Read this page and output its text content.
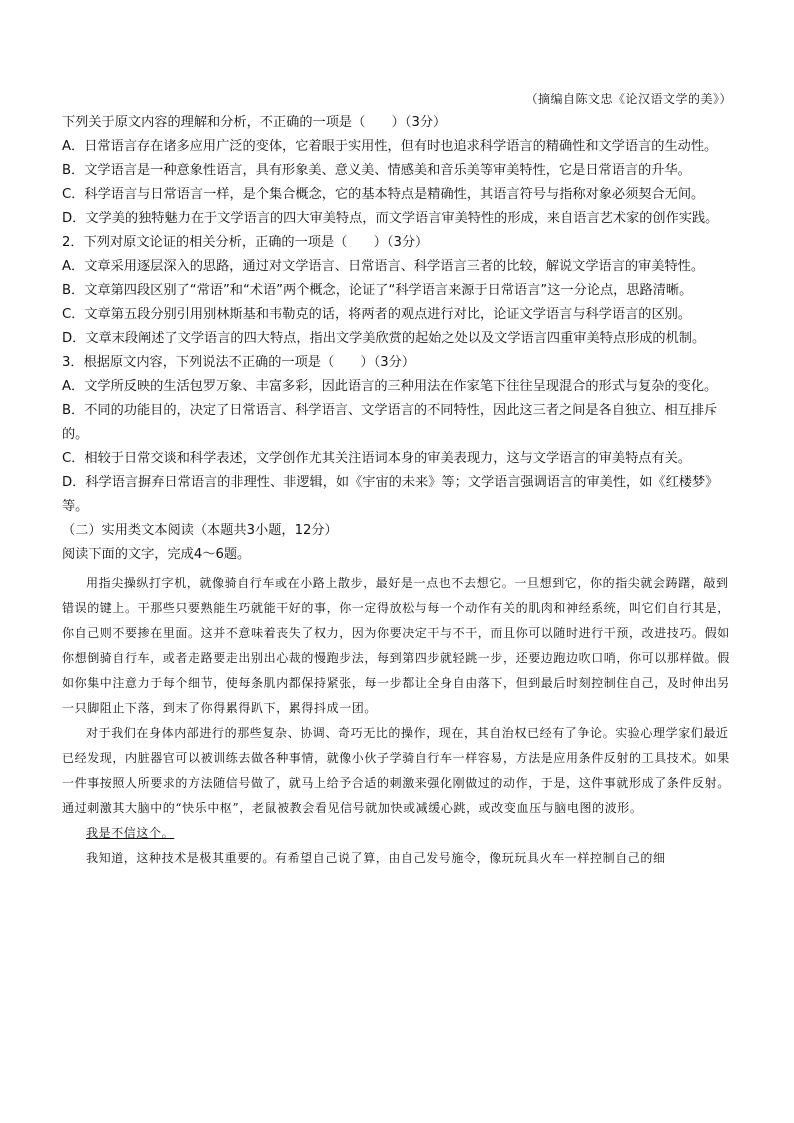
（摘编自陈文忠《论汉语文学的美》）

下列关于原文内容的理解和分析，不正确的一项是（　　）（3分）

A．日常语言存在诸多应用广泛的变体，它着眼于实用性，但有时也追求科学语言的精确性和文学语言的生动性。

B．文学语言是一种意象性语言，具有形象美、意义美、情感美和音乐美等审美特性，它是日常语言的升华。

C．科学语言与日常语言一样，是个集合概念，它的基本特点是精确性，其语言符号与指称对象必须契合无间。

D．文学美的独特魅力在于文学语言的四大审美特点，而文学语言审美特性的形成，来自语言艺术家的创作实践。

2．下列对原文论证的相关分析，正确的一项是（　　）（3分）

A．文章采用逐层深入的思路，通过对文学语言、日常语言、科学语言三者的比较，解说文学语言的审美特性。

B．文章第四段区别了“常语”和“术语”两个概念，论证了“科学语言来源于日常语言”这一分论点，思路清晰。

C．文章第五段分别引用别林斯基和韦勒克的话，将两者的观点进行对比，论证文学语言与科学语言的区别。

D．文章末段阐述了文学语言的四大特点，指出文学美欣赏的起始之处以及文学语言四重审美特点形成的机制。

3．根据原文内容，下列说法不正确的一项是（　　）（3分）

A．文学所反映的生活包罗万象、丰富多彩，因此语言的三种用法在作家笔下往往呈现混合的形式与复杂的变化。

B．不同的功能目的，决定了日常语言、科学语言、文学语言的不同特性，因此这三者之间是各自独立、相互排斥的。

C．相较于日常交谈和科学表述，文学创作尤其关注语词本身的审美表现力，这与文学语言的审美特点有关。

D．科学语言摒弃日常语言的非理性、非逻辑，如《宇宙的未来》等；文学语言强调语言的审美性，如《红楼梦》等。

（二）实用类文本阅读（本题共3小题，12分）

阅读下面的文字，完成4～6题。

用指尖操纵打字机，就像骑自行车或在小路上散步，最好是一点也不去想它。一旦想到它，你的指尖就会踌躇，敲到错误的键上。干那些只要熟能生巧就能干好的事，你一定得放松与每一个动作有关的肌肉和神经系统，叫它们自行其是，你自己则不要掺在里面。这并不意味着丧失了权力，因为你要决定干与不干，而且你可以随时进行干预，改进技巧。假如你想倒骑自行车，或者走路要走出别出心裁的慢跑步法，每到第四步就轻跳一步，还要边跑边吹口哨，你可以那样做。假如你集中注意力于每个细节，使每条肌内都保持紧张，每一步都让全身自由落下，但到最后时刻控制住自己，及时伸出另一只脚阻止下落，到末了你得累得趴下，累得抖成一团。

对于我们在身体内部进行的那些复杂、协调、奇巧无比的操作，现在，其自治权已经有了争论。实验心理学家们最近已经发现，内脏器官可以被训练去做各种事情，就像小伙子学骑自行车一样容易，方法是应用条件反射的工具技术。如果一件事按照人所要求的方法随信号做了，就马上给予合适的刺激来强化刚做过的动作，于是，这件事就形成了条件反射。通过刺激其大脑中的“快乐中枢”，老鼠被教会看见信号就加快或减缓心跳，或改变血压与脑电图的波形。

我是不信这个。

我知道，这种技术是极其重要的。有希望自己说了算，由自己发号施令，像玩玩具火车一样控制自己的细
